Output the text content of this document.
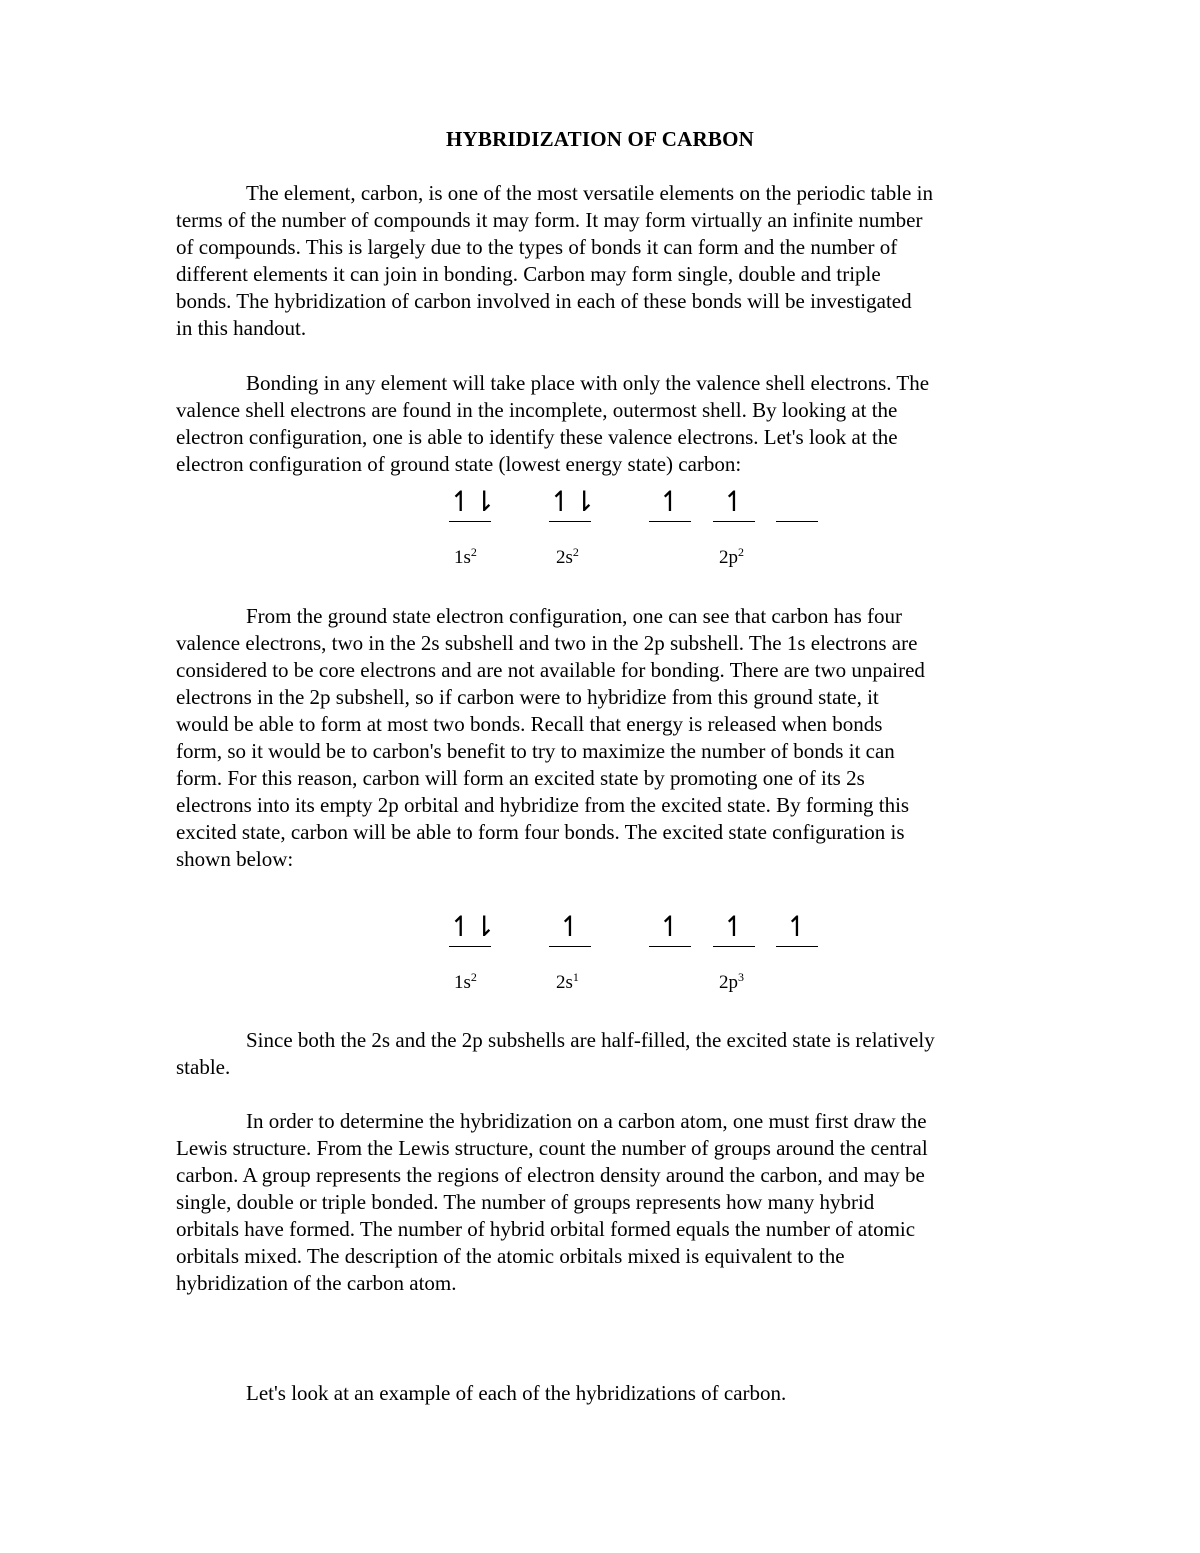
HYBRIDIZATION OF CARBON
The element, carbon, is one of the most versatile elements on the periodic table in
terms of the number of compounds it may form. It may form virtually an infinite number
of compounds. This is largely due to the types of bonds it can form and the number of
different elements it can join in bonding. Carbon may form single, double and triple
bonds. The hybridization of carbon involved in each of these bonds will be investigated
in this handout.
Bonding in any element will take place with only the valence shell electrons. The
valence shell electrons are found in the incomplete, outermost shell. By looking at the
electron configuration, one is able to identify these valence electrons. Let's look at the
electron configuration of ground state (lowest energy state) carbon:
↿⇂ ↿⇂	↿	↿
$1s^2$	$2s^2$	$2p^2$
From the ground state electron configuration, one can see that carbon has four
valence electrons, two in the 2s subshell and two in the 2p subshell. The 1s electrons are
considered to be core electrons and are not available for bonding. There are two unpaired
electrons in the 2p subshell, so if carbon were to hybridize from this ground state, it
would be able to form at most two bonds. Recall that energy is released when bonds
form, so it would be to carbon's benefit to try to maximize the number of bonds it can
form. For this reason, carbon will form an excited state by promoting one of its 2s
electrons into its empty 2p orbital and hybridize from the excited state. By forming this
excited state, carbon will be able to form four bonds. The excited state configuration is
shown below:
↿⇂	↿	↿	↿	↿
$1s^2$	$2s^1$	$2p^3$
Since both the 2s and the 2p subshells are half-filled, the excited state is relatively
stable.
In order to determine the hybridization on a carbon atom, one must first draw the
Lewis structure. From the Lewis structure, count the number of groups around the central
carbon. A group represents the regions of electron density around the carbon, and may be
single, double or triple bonded. The number of groups represents how many hybrid
orbitals have formed. The number of hybrid orbital formed equals the number of atomic
orbitals mixed. The description of the atomic orbitals mixed is equivalent to the
hybridization of the carbon atom.
Let's look at an example of each of the hybridizations of carbon.
